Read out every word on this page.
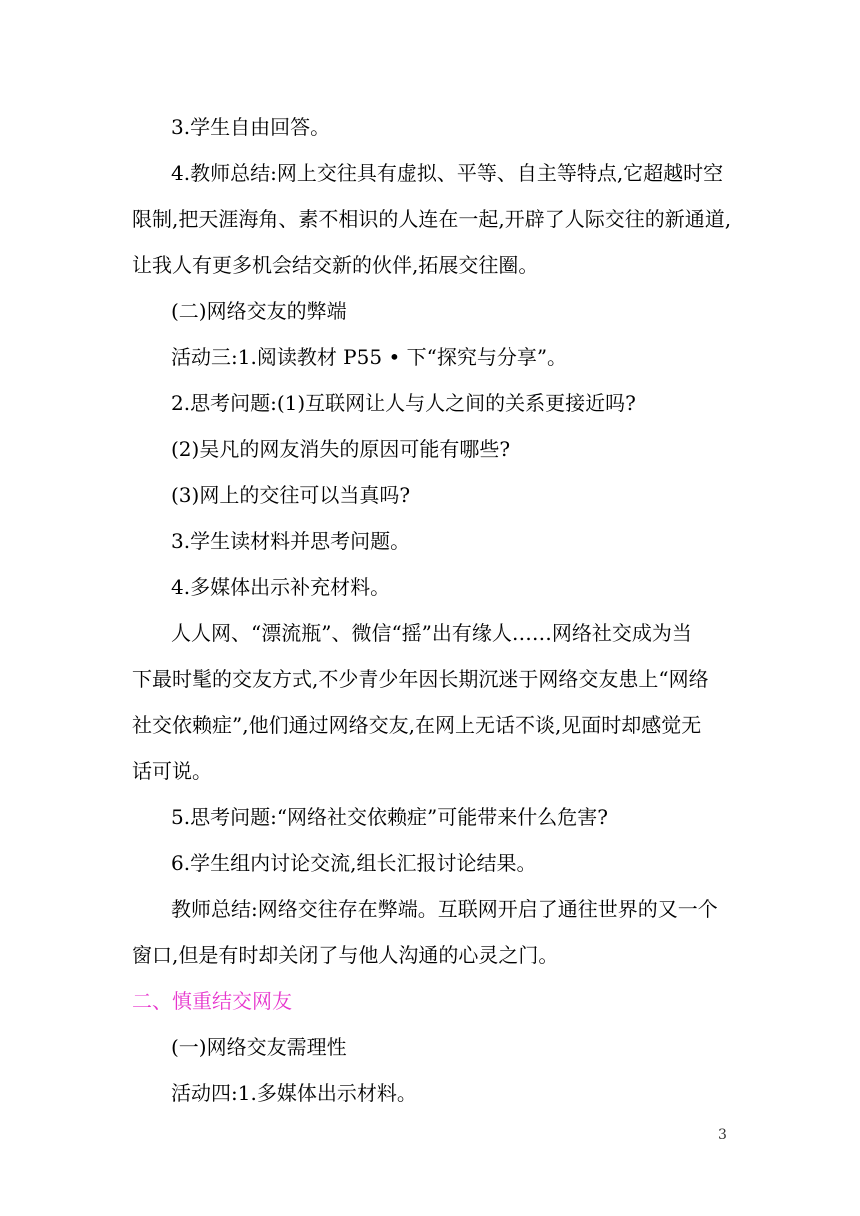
3.学生自由回答。
4.教师总结:网上交往具有虚拟、平等、自主等特点,它超越时空
限制,把天涯海角、素不相识的人连在一起,开辟了人际交往的新通道,
让我人有更多机会结交新的伙伴,拓展交往圈。
(二)网络交友的弊端
活动三:1.阅读教材 P55 • 下“探究与分享”。
2.思考问题:(1)互联网让人与人之间的关系更接近吗?
(2)吴凡的网友消失的原因可能有哪些?
(3)网上的交往可以当真吗?
3.学生读材料并思考问题。
4.多媒体出示补充材料。
人人网、“漂流瓶”、微信“摇”出有缘人……网络社交成为当
下最时髦的交友方式,不少青少年因长期沉迷于网络交友患上“网络
社交依赖症”,他们通过网络交友,在网上无话不谈,见面时却感觉无
话可说。
5.思考问题:“网络社交依赖症”可能带来什么危害?
6.学生组内讨论交流,组长汇报讨论结果。
教师总结:网络交往存在弊端。互联网开启了通往世界的又一个
窗口,但是有时却关闭了与他人沟通的心灵之门。
二、慎重结交网友
(一)网络交友需理性
活动四:1.多媒体出示材料。
3
